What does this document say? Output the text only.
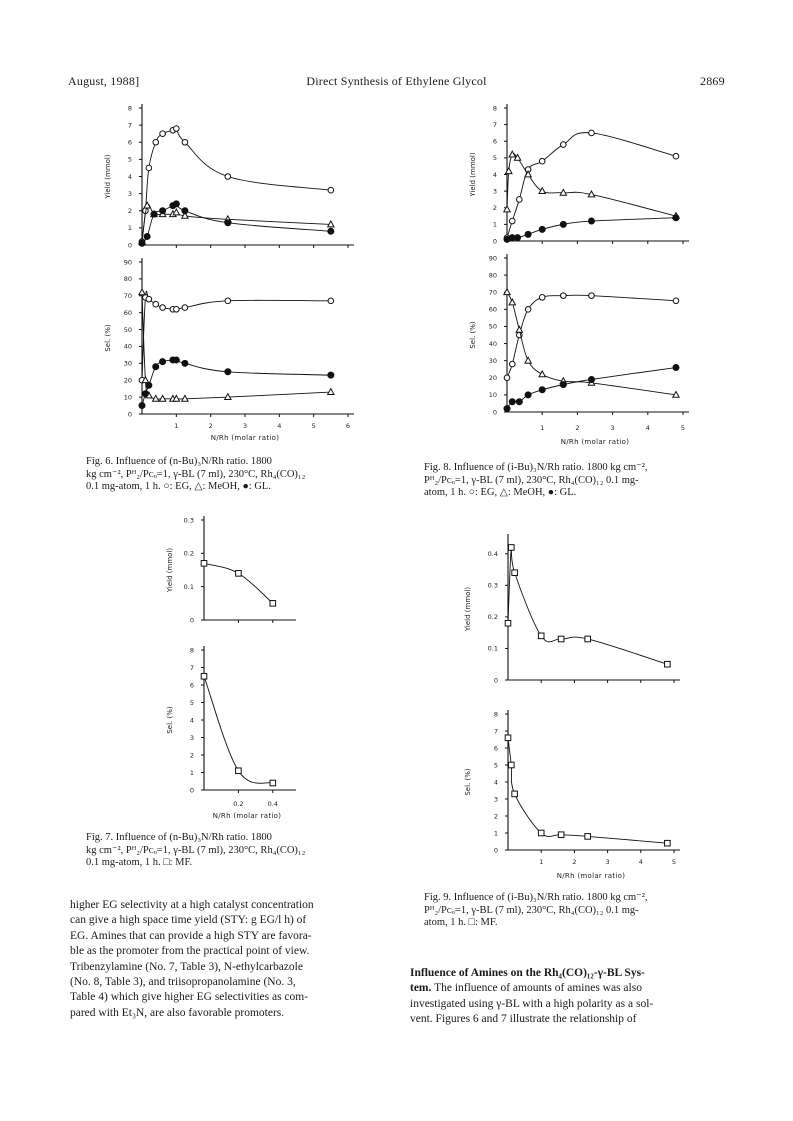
August, 1988]	Direct Synthesis of Ethylene Glycol	2869
0
1
2
3
4
5
6
7
8
Yield (mmol)
0
10
20
30
40
50
60
70
80
90
Sel. (%)
1	2	3	4	5	6
N/Rh (molar ratio)
Fig. 6. Influence of (n-Bu)₃N/Rh ratio. 1800
kg cm⁻², Pᴴ₂/Pᴄₒ=1, γ-BL (7 ml), 230°C, Rh₄(CO)₁₂
0.1 mg-atom, 1 h. ○: EG, △: MeOH, ●: GL.
0
1
2
3
4
5
6
7
8
Yield (mmol)
0
10
20
30
40
50
60
70
80
90
Sel. (%)
1	2	3	4	5
N/Rh (molar ratio)
Fig. 8. Influence of (i-Bu)₃N/Rh ratio. 1800 kg cm⁻²,
Pᴴ₂/Pᴄₒ=1, γ-BL (7 ml), 230°C, Rh₄(CO)₁₂ 0.1 mg-
atom, 1 h. ○: EG, △: MeOH, ●: GL.
0
0.1
0.2
0.3
Yield (mmol)
0
1
2
3
4
5
6
7
8
Sel. (%)
0.2	0.4
N/Rh (molar ratio)
Fig. 7. Influence of (n-Bu)₃N/Rh ratio. 1800
kg cm⁻², Pᴴ₂/Pᴄₒ=1, γ-BL (7 ml), 230°C, Rh₄(CO)₁₂
0.1 mg-atom, 1 h. □: MF.
0
0.1
0.2
0.3
0.4
Yield (mmol)
0
1
2
3
4
5
6
7
8
Sel. (%)
1	2	3	4	5
N/Rh (molar ratio)
Fig. 9. Influence of (i-Bu)₃N/Rh ratio. 1800 kg cm⁻²,
Pᴴ₂/Pᴄₒ=1, γ-BL (7 ml), 230°C, Rh₄(CO)₁₂ 0.1 mg-
atom, 1 h. □: MF.

higher EG selectivity at a high catalyst concentration

can give a high space time yield (STY: g EG/l h) of

EG. Amines that can provide a high STY are favora-

ble as the promoter from the practical point of view.

Tribenzylamine (No. 7, Table 3), N-ethylcarbazole

(No. 8, Table 3), and triisopropanolamine (No. 3,

Table 4) which give higher EG selectivities as com-

pared with Et₃N, are also favorable promoters.

Influence of Amines on the Rh₄(CO)₁₂-γ-BL Sys-

tem. The influence of amounts of amines was also

investigated using γ-BL with a high polarity as a sol-

vent. Figures 6 and 7 illustrate the relationship of
